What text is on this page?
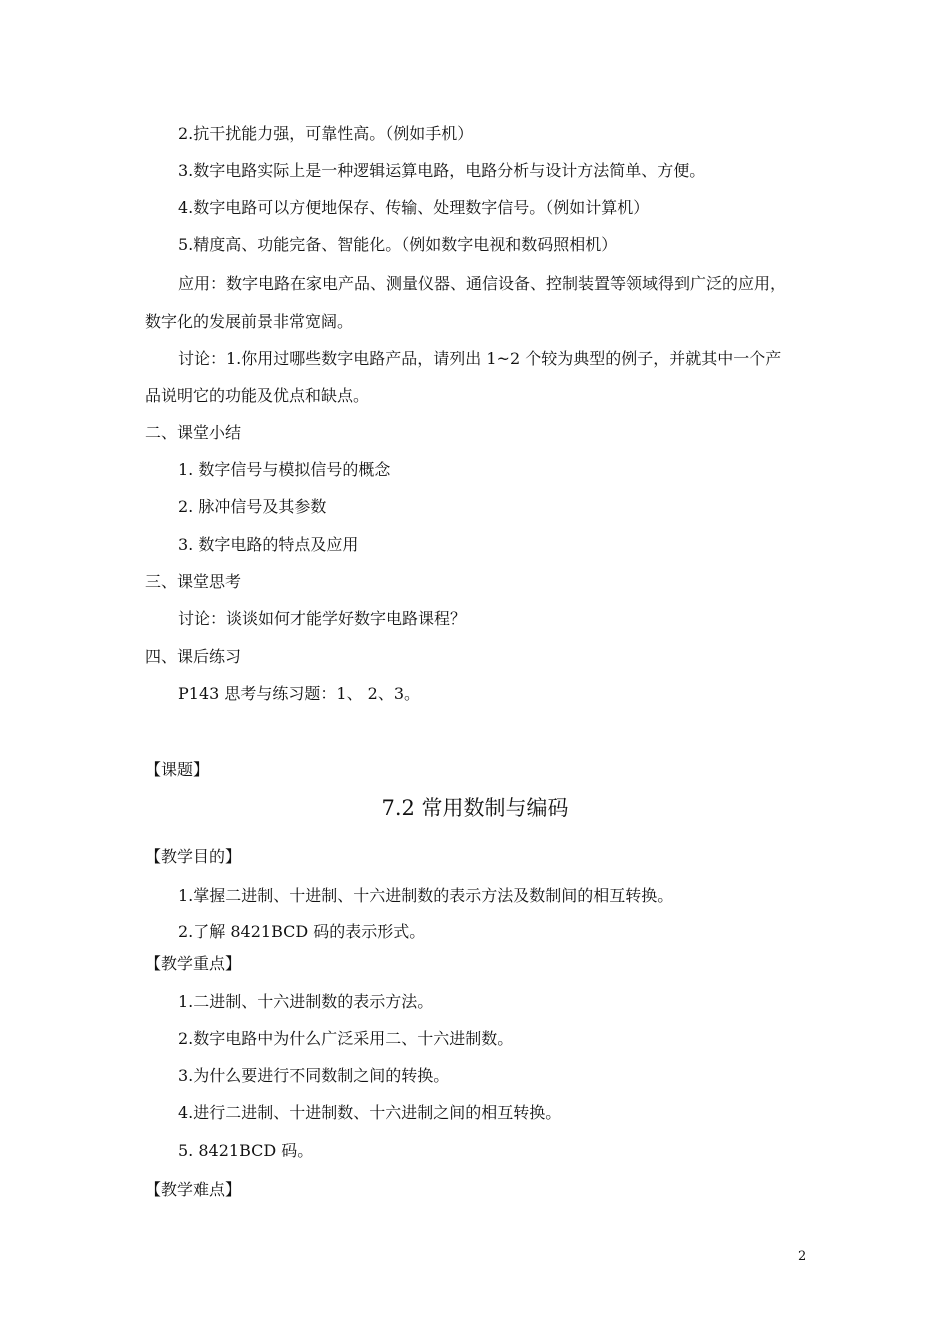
2.抗干扰能力强，可靠性高。（例如手机）
3.数字电路实际上是一种逻辑运算电路，电路分析与设计方法简单、方便。
4.数字电路可以方便地保存、传输、处理数字信号。（例如计算机）
5.精度高、功能完备、智能化。（例如数字电视和数码照相机）
应用：数字电路在家电产品、测量仪器、通信设备、控制装置等领域得到广泛的应用，
数字化的发展前景非常宽阔。
讨论：1.你用过哪些数字电路产品，请列出 1~2 个较为典型的例子，并就其中一个产
品说明它的功能及优点和缺点。
二、课堂小结
1. 数字信号与模拟信号的概念
2. 脉冲信号及其参数
3. 数字电路的特点及应用
三、课堂思考
讨论：谈谈如何才能学好数字电路课程？
四、课后练习
P143 思考与练习题：1、 2、3。
【课题】
7.2 常用数制与编码
【教学目的】
1.掌握二进制、十进制、十六进制数的表示方法及数制间的相互转换。
2.了解 8421BCD 码的表示形式。
【教学重点】
1.二进制、十六进制数的表示方法。
2.数字电路中为什么广泛采用二、十六进制数。
3.为什么要进行不同数制之间的转换。
4.进行二进制、十进制数、十六进制之间的相互转换。
5. 8421BCD 码。
【教学难点】
2
